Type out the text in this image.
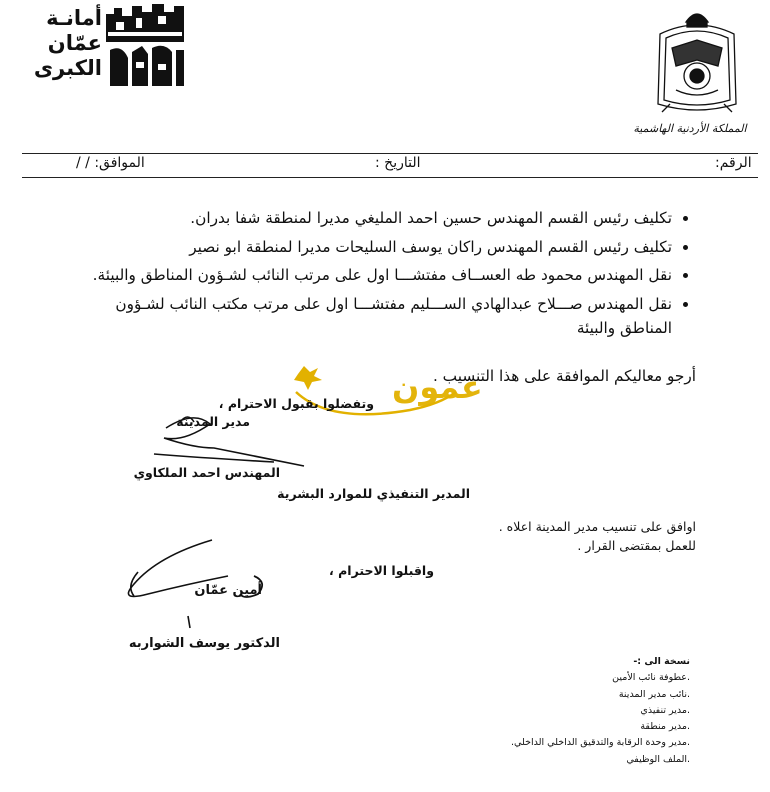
أمانـة
عمّان
الكبرى
المملكة الأردنية الهاشمية
الرقم:
التاريخ :
الموافق: / /
• تكليف رئيس القسم المهندس حسين احمد المليغي مديرا لمنطقة شفا بدران.
• تكليف رئيس القسم المهندس راكان يوسف السليحات مديرا لمنطقة ابو نصير
• نقل المهندس محمود طه العســاف مفتشـــا اول على مرتب النائب لشـؤون المناطق والبيئة.
• نقل المهندس صـــلاح عبدالهادي الســـليم مفتشـــا اول على مرتب مكتب النائب لشـؤون المناطق والبيئة
أرجو معاليكم الموافقة على هذا التنسيب .
عمون
وتفضلوا بقبول الاحترام ،
مدير المدينة
المهندس احمد الملكاوي
المدير التنفيذي للموارد البشرية
اوافق على تنسيب مدير المدينة اعلاه .
للعمل بمقتضى القرار .
واقبلوا الاحترام ،
أمين عمّان
الدكتور يوسف الشواربه
نسخة الى :-
.عطوفة نائب الأمين
.نائب مدير المدينة
.مدير تنفيذي
.مدير منطقة
.مدير وحدة الرقابة والتدقيق الداخلي الداخلي.
.الملف الوظيفي
